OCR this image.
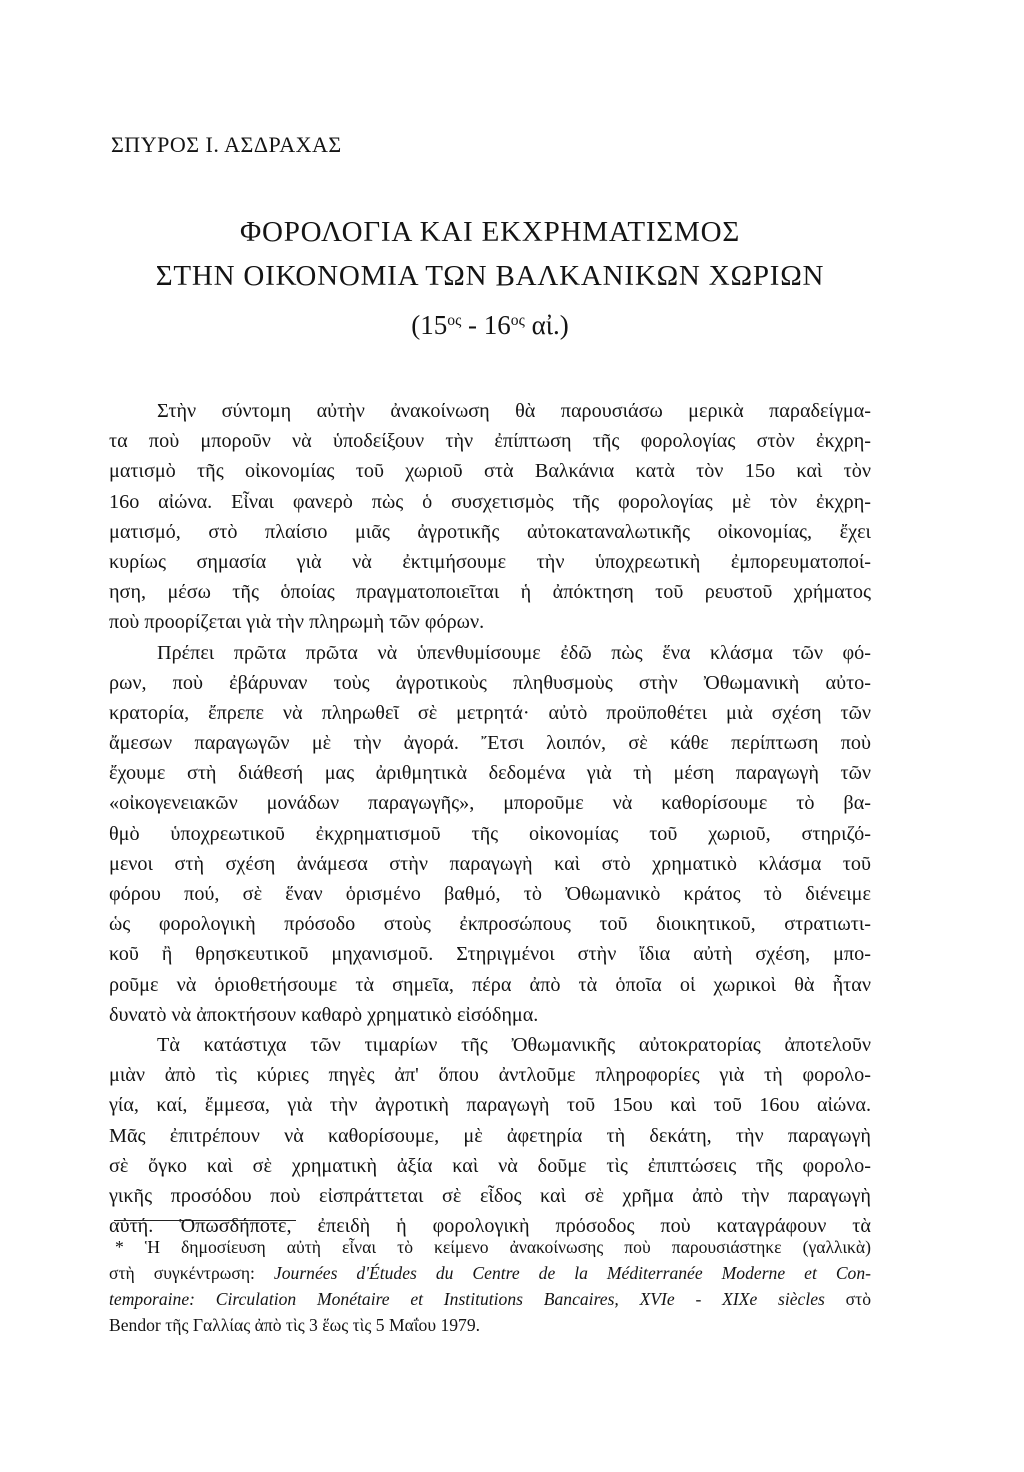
ΣΠΥΡΟΣ Ι. ΑΣΔΡΑΧΑΣ
ΦΟΡΟΛΟΓΙΑ ΚΑΙ ΕΚΧΡΗΜΑΤΙΣΜΟΣ
ΣΤΗΝ ΟΙΚΟΝΟΜΙΑ ΤΩΝ ΒΑΛΚΑΝΙΚΩΝ ΧΩΡΙΩΝ
($15^{o\varsigma} - 16^{o\varsigma}$ αἰ.)
Στὴν σύντομη αὐτὴν ἀνακοίνωση θὰ παρουσιάσω μερικὰ παραδείγμα-
τα ποὺ μποροῦν νὰ ὑποδείξουν τὴν ἐπίπτωση τῆς φορολογίας στὸν ἐκχρη-
ματισμὸ τῆς οἰκονομίας τοῦ χωριοῦ στὰ Βαλκάνια κατὰ τὸν 15ο καὶ τὸν
16ο αἰώνα. Εἶναι φανερὸ πὼς ὁ συσχετισμὸς τῆς φορολογίας μὲ τὸν ἐκχρη-
ματισμό, στὸ πλαίσιο μιᾶς ἀγροτικῆς αὐτοκαταναλωτικῆς οἰκονομίας, ἔχει
κυρίως σημασία γιὰ νὰ ἐκτιμήσουμε τὴν ὑποχρεωτικὴ ἐμπορευματοποί-
ηση, μέσω τῆς ὁποίας πραγματοποιεῖται ἡ ἀπόκτηση τοῦ ρευστοῦ χρήματος
ποὺ προορίζεται γιὰ τὴν πληρωμὴ τῶν φόρων.
Πρέπει πρῶτα πρῶτα νὰ ὑπενθυμίσουμε ἐδῶ πὼς ἕνα κλάσμα τῶν φό-
ρων, ποὺ ἐβάρυναν τοὺς ἀγροτικοὺς πληθυσμοὺς στὴν Ὀθωμανικὴ αὐτο-
κρατορία, ἔπρεπε νὰ πληρωθεῖ σὲ μετρητά· αὐτὸ προϋποθέτει μιὰ σχέση τῶν
ἄμεσων παραγωγῶν μὲ τὴν ἀγορά. Ἔτσι λοιπόν, σὲ κάθε περίπτωση ποὺ
ἔχουμε στὴ διάθεσή μας ἀριθμητικὰ δεδομένα γιὰ τὴ μέση παραγωγὴ τῶν
«οἰκογενειακῶν μονάδων παραγωγῆς», μποροῦμε νὰ καθορίσουμε τὸ βα-
θμὸ ὑποχρεωτικοῦ ἐκχρηματισμοῦ τῆς οἰκονομίας τοῦ χωριοῦ, στηριζό-
μενοι στὴ σχέση ἀνάμεσα στὴν παραγωγὴ καὶ στὸ χρηματικὸ κλάσμα τοῦ
φόρου πού, σὲ ἕναν ὁρισμένο βαθμό, τὸ Ὀθωμανικὸ κράτος τὸ διένειμε
ὡς φορολογικὴ πρόσοδο στοὺς ἐκπροσώπους τοῦ διοικητικοῦ, στρατιωτι-
κοῦ ἢ θρησκευτικοῦ μηχανισμοῦ. Στηριγμένοι στὴν ἴδια αὐτὴ σχέση, μπο-
ροῦμε νὰ ὁριοθετήσουμε τὰ σημεῖα, πέρα ἀπὸ τὰ ὁποῖα οἱ χωρικοὶ θὰ ἦταν
δυνατὸ νὰ ἀποκτήσουν καθαρὸ χρηματικὸ εἰσόδημα.
Τὰ κατάστιχα τῶν τιμαρίων τῆς Ὀθωμανικῆς αὐτοκρατορίας ἀποτελοῦν
μιὰν ἀπὸ τὶς κύριες πηγὲς ἀπ' ὅπου ἀντλοῦμε πληροφορίες γιὰ τὴ φορολο-
γία, καί, ἔμμεσα, γιὰ τὴν ἀγροτικὴ παραγωγὴ τοῦ 15ου καὶ τοῦ 16ου αἰώνα.
Μᾶς ἐπιτρέπουν νὰ καθορίσουμε, μὲ ἀφετηρία τὴ δεκάτη, τὴν παραγωγὴ
σὲ ὄγκο καὶ σὲ χρηματικὴ ἀξία καὶ νὰ δοῦμε τὶς ἐπιπτώσεις τῆς φορολο-
γικῆς προσόδου ποὺ εἰσπράττεται σὲ εἶδος καὶ σὲ χρῆμα ἀπὸ τὴν παραγωγὴ
αὐτή. Ὁπωσδήποτε, ἐπειδὴ ἡ φορολογικὴ πρόσοδος ποὺ καταγράφουν τὰ
* Ἡ δημοσίευση αὐτὴ εἶναι τὸ κείμενο ἀνακοίνωσης ποὺ παρουσιάστηκε (γαλλικὰ)
στὴ συγκέντρωση: Journées d'Études du Centre de la Méditerranée Moderne et Con-
temporaine: Circulation Monétaire et Institutions Bancaires, XVIe - XIXe siècles στὸ
Bendor τῆς Γαλλίας ἀπὸ τὶς 3 ἕως τὶς 5 Μαΐου 1979.
